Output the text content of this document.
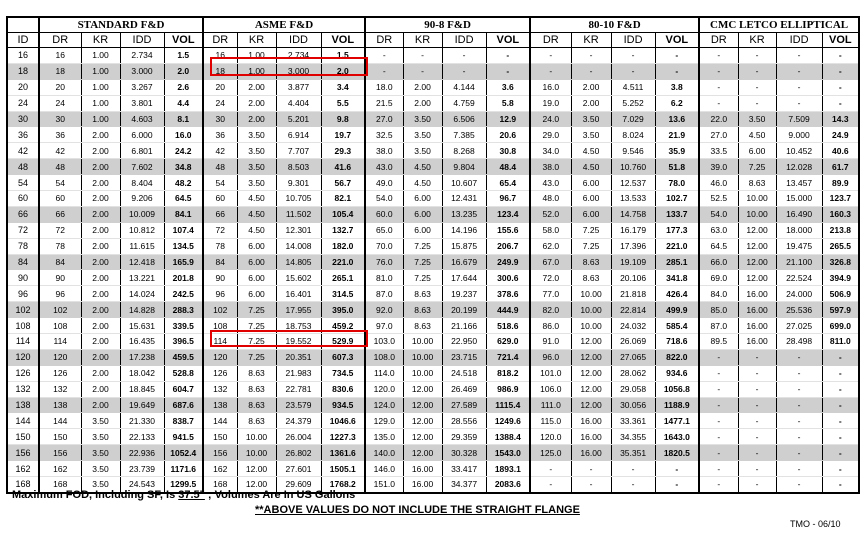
	STANDARD F&D				ASME F&D				90-8 F&D				80-10 F&D				CMC LETCO ELLIPTICAL			
ID	DR	KR	IDD	VOL	DR	KR	IDD	VOL	DR	KR	IDD	VOL	DR	KR	IDD	VOL	DR	KR	IDD	VOL
16	16	1.00	2.734	1.5	16	1.00	2.734	1.5	-	-	-	-	-	-	-	-	-	-	-	-
18	18	1.00	3.000	2.0	18	1.00	3.000	2.0	-	-	-	-	-	-	-	-	-	-	-	-
20	20	1.00	3.267	2.6	20	2.00	3.877	3.4	18.0	2.00	4.144	3.6	16.0	2.00	4.511	3.8	-	-	-	-
24	24	1.00	3.801	4.4	24	2.00	4.404	5.5	21.5	2.00	4.759	5.8	19.0	2.00	5.252	6.2	-	-	-	-
30	30	1.00	4.603	8.1	30	2.00	5.201	9.8	27.0	3.50	6.506	12.9	24.0	3.50	7.029	13.6	22.0	3.50	7.509	14.3
36	36	2.00	6.000	16.0	36	3.50	6.914	19.7	32.5	3.50	7.385	20.6	29.0	3.50	8.024	21.9	27.0	4.50	9.000	24.9
42	42	2.00	6.801	24.2	42	3.50	7.707	29.3	38.0	3.50	8.268	30.8	34.0	4.50	9.546	35.9	33.5	6.00	10.452	40.6
48	48	2.00	7.602	34.8	48	3.50	8.503	41.6	43.0	4.50	9.804	48.4	38.0	4.50	10.760	51.8	39.0	7.25	12.028	61.7
54	54	2.00	8.404	48.2	54	3.50	9.301	56.7	49.0	4.50	10.607	65.4	43.0	6.00	12.537	78.0	46.0	8.63	13.457	89.9
60	60	2.00	9.206	64.5	60	4.50	10.705	82.1	54.0	6.00	12.431	96.7	48.0	6.00	13.533	102.7	52.5	10.00	15.000	123.7
66	66	2.00	10.009	84.1	66	4.50	11.502	105.4	60.0	6.00	13.235	123.4	52.0	6.00	14.758	133.7	54.0	10.00	16.490	160.3
72	72	2.00	10.812	107.4	72	4.50	12.301	132.7	65.0	6.00	14.196	155.6	58.0	7.25	16.179	177.3	63.0	12.00	18.000	213.8
78	78	2.00	11.615	134.5	78	6.00	14.008	182.0	70.0	7.25	15.875	206.7	62.0	7.25	17.396	221.0	64.5	12.00	19.475	265.5
84	84	2.00	12.418	165.9	84	6.00	14.805	221.0	76.0	7.25	16.679	249.9	67.0	8.63	19.109	285.1	66.0	12.00	21.100	326.8
90	90	2.00	13.221	201.8	90	6.00	15.602	265.1	81.0	7.25	17.644	300.6	72.0	8.63	20.106	341.8	69.0	12.00	22.524	394.9
96	96	2.00	14.024	242.5	96	6.00	16.401	314.5	87.0	8.63	19.237	378.6	77.0	10.00	21.818	426.4	84.0	16.00	24.000	506.9
102	102	2.00	14.828	288.3	102	7.25	17.955	395.0	92.0	8.63	20.199	444.9	82.0	10.00	22.814	499.9	85.0	16.00	25.536	597.9
108	108	2.00	15.631	339.5	108	7.25	18.753	459.2	97.0	8.63	21.166	518.6	86.0	10.00	24.032	585.4	87.0	16.00	27.025	699.0
114	114	2.00	16.435	396.5	114	7.25	19.552	529.9	103.0	10.00	22.950	629.0	91.0	12.00	26.069	718.6	89.5	16.00	28.498	811.0
120	120	2.00	17.238	459.5	120	7.25	20.351	607.3	108.0	10.00	23.715	721.4	96.0	12.00	27.065	822.0	-	-	-	-
126	126	2.00	18.042	528.8	126	8.63	21.983	734.5	114.0	10.00	24.518	818.2	101.0	12.00	28.062	934.6	-	-	-	-
132	132	2.00	18.845	604.7	132	8.63	22.781	830.6	120.0	12.00	26.469	986.9	106.0	12.00	29.058	1056.8	-	-	-	-
138	138	2.00	19.649	687.6	138	8.63	23.579	934.5	124.0	12.00	27.589	1115.4	111.0	12.00	30.056	1188.9	-	-	-	-
144	144	3.50	21.330	838.7	144	8.63	24.379	1046.6	129.0	12.00	28.556	1249.6	115.0	16.00	33.361	1477.1	-	-	-	-
150	150	3.50	22.133	941.5	150	10.00	26.004	1227.3	135.0	12.00	29.359	1388.4	120.0	16.00	34.355	1643.0	-	-	-	-
156	156	3.50	22.936	1052.4	156	10.00	26.802	1361.6	140.0	12.00	30.328	1543.0	125.0	16.00	35.351	1820.5	-	-	-	-
162	162	3.50	23.739	1171.6	162	12.00	27.601	1505.1	146.0	16.00	33.417	1893.1	-	-	-	-	-	-	-	-
168	168	3.50	24.543	1299.5	168	12.00	29.609	1768.2	151.0	16.00	34.377	2083.6	-	-	-	-	-	-	-	-
Maximum FOD, Including SF, Is 37.5" ; Volumes Are In US Gallons
**ABOVE VALUES DO NOT INCLUDE THE STRAIGHT FLANGE
TMO - 06/10
